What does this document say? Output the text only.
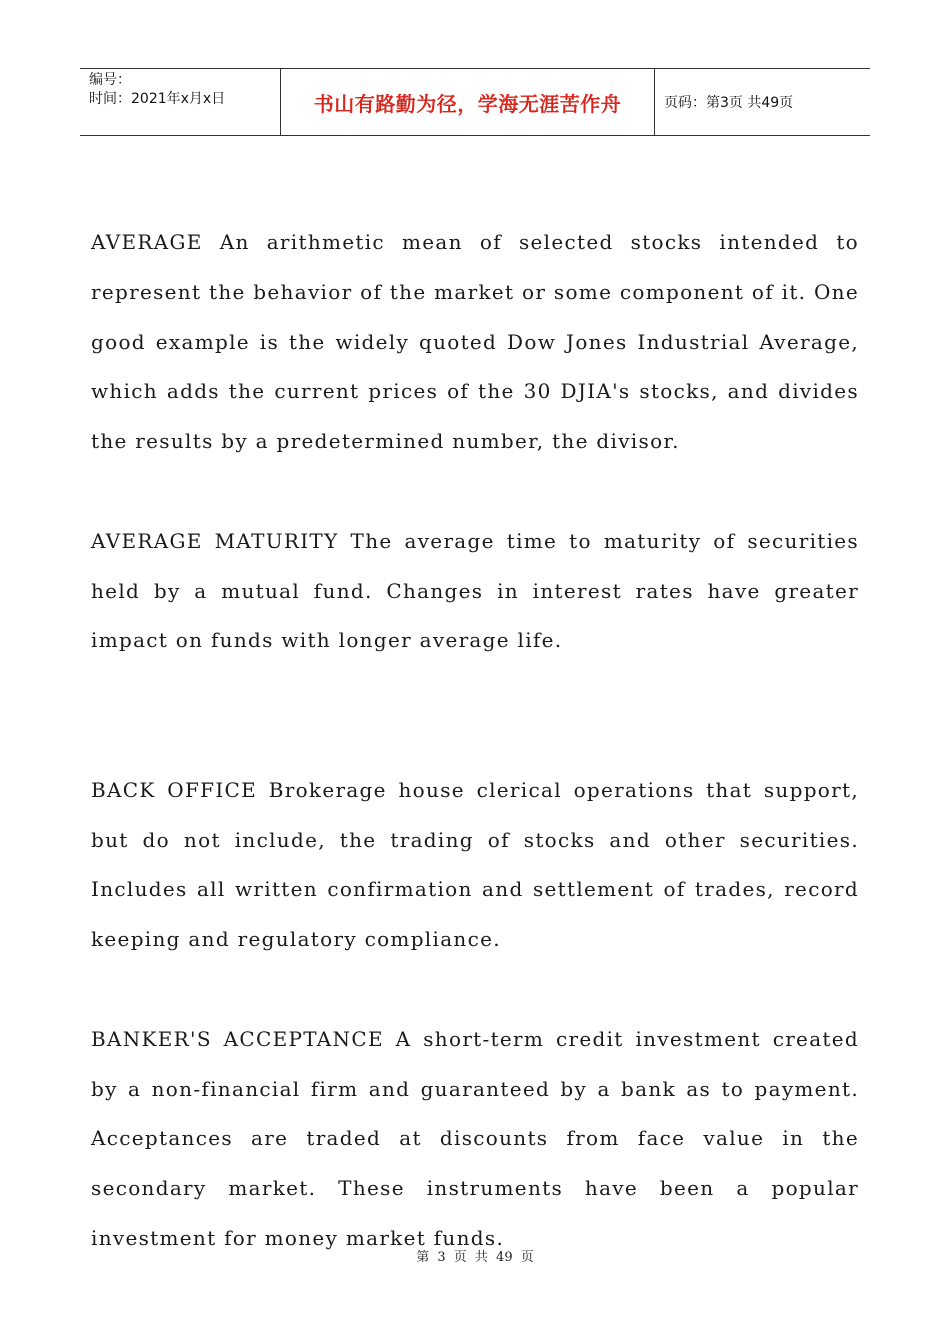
编号：
时间：2021年x月x日	书山有路勤为径，学海无涯苦作舟	页码：第3页 共49页

AVERAGE An arithmetic mean of selected stocks intended to represent the behavior of the market or some component of it. One good example is the widely quoted Dow Jones Industrial Average, which adds the current prices of the 30 DJIA's stocks, and divides the results by a predetermined number, the divisor.

AVERAGE MATURITY The average time to maturity of securities held by a mutual fund. Changes in interest rates have greater impact on funds with longer average life.

BACK OFFICE Brokerage house clerical operations that support, but do not include, the trading of stocks and other securities. Includes all written confirmation and settlement of trades, record keeping and regulatory compliance.

BANKER'S ACCEPTANCE A short-term credit investment created by a non-financial firm and guaranteed by a bank as to payment. Acceptances are traded at discounts from face value in the secondary market. These instruments have been a popular investment for money market funds.

第 3 页 共 49 页
